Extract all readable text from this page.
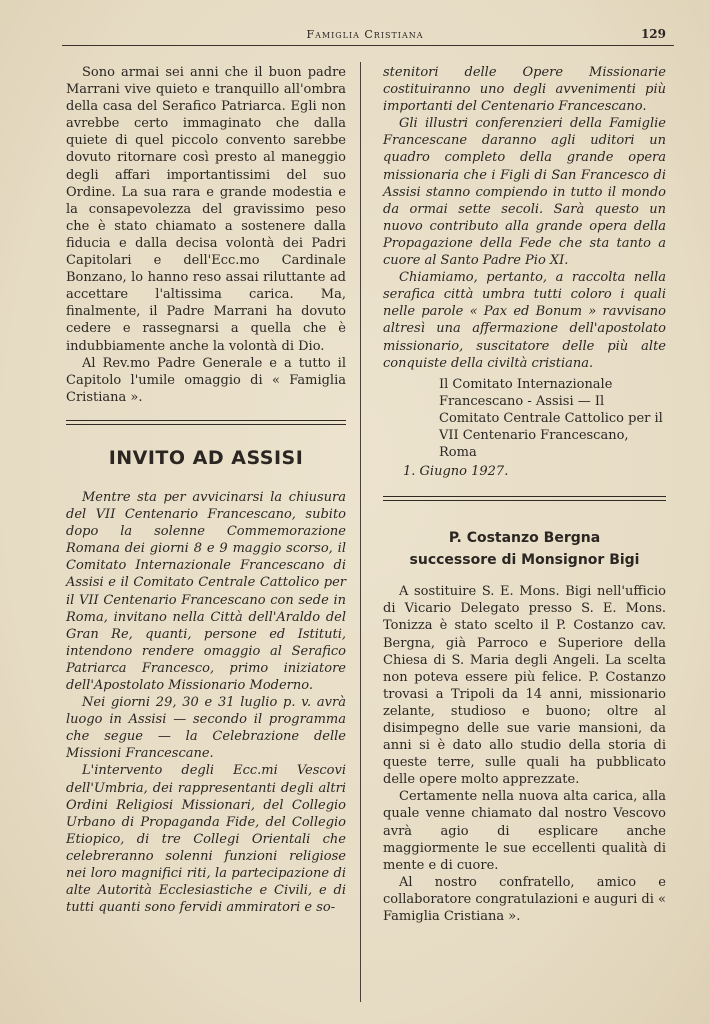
Famiglia Cristiana	129

Sono armai sei anni che il buon padre Marrani vive quieto e tranquillo all'ombra della casa del Serafico Patriarca. Egli non avrebbe certo immaginato che dalla quiete di quel piccolo convento sarebbe dovuto ritornare così presto al maneggio degli affari importantissimi del suo Ordine. La sua rara e grande modestia e la consapevolezza del gravissimo peso che è stato chiamato a sostenere dalla fiducia e dalla decisa volontà dei Padri Capitolari e dell'Ecc.mo Cardinale Bonzano, lo hanno reso assai riluttante ad accettare l'altissima carica. Ma, finalmente, il Padre Marrani ha dovuto cedere e rassegnarsi a quella che è indubbiamente anche la volontà di Dio.

Al Rev.mo Padre Generale e a tutto il Capitolo l'umile omaggio di « Famiglia Cristiana ».

INVITO AD ASSISI

Mentre sta per avvicinarsi la chiusura del VII Centenario Francescano, subito dopo la solenne Commemorazione Romana dei giorni 8 e 9 maggio scorso, il Comitato Internazionale Francescano di Assisi e il Comitato Centrale Cattolico per il VII Centenario Francescano con sede in Roma, invitano nella Città dell'Araldo del Gran Re, quanti, persone ed Istituti, intendono rendere omaggio al Serafico Patriarca Francesco, primo iniziatore dell'Apostolato Missionario Moderno.

Nei giorni 29, 30 e 31 luglio p. v. avrà luogo in Assisi — secondo il programma che segue — la Celebrazione delle Missioni Francescane.

L'intervento degli Ecc.mi Vescovi dell'Umbria, dei rappresentanti degli altri Ordini Religiosi Missionari, del Collegio Urbano di Propaganda Fide, del Collegio Etiopico, di tre Collegi Orientali che celebreranno solenni funzioni religiose nei loro magnifici riti, la partecipazione di alte Autorità Ecclesiastiche e Civili, e di tutti quanti sono fervidi ammiratori e so-

stenitori delle Opere Missionarie costituiranno uno degli avvenimenti più importanti del Centenario Francescano.

Gli illustri conferenzieri della Famiglie Francescane daranno agli uditori un quadro completo della grande opera missionaria che i Figli di San Francesco di Assisi stanno compiendo in tutto il mondo da ormai sette secoli. Sarà questo un nuovo contributo alla grande opera della Propagazione della Fede che sta tanto a cuore al Santo Padre Pio XI.

Chiamiamo, pertanto, a raccolta nella serafica città umbra tutti coloro i quali nelle parole « Pax ed Bonum » ravvisano altresì una affermazione dell'apostolato missionario, suscitatore delle più alte conquiste della civiltà cristiana.

Il Comitato Internazionale Francescano - Assisi — Il Comitato Centrale Cattolico per il VII Centenario Francescano, Roma

1. Giugno 1927.

P. Costanzo Bergna
successore di Monsignor Bigi

A sostituire S. E. Mons. Bigi nell'ufficio di Vicario Delegato presso S. E. Mons. Tonizza è stato scelto il P. Costanzo cav. Bergna, già Parroco e Superiore della Chiesa di S. Maria degli Angeli. La scelta non poteva essere più felice. P. Costanzo trovasi a Tripoli da 14 anni, missionario zelante, studioso e buono; oltre al disimpegno delle sue varie mansioni, da anni si è dato allo studio della storia di queste terre, sulle quali ha pubblicato delle opere molto apprezzate.

Certamente nella nuova alta carica, alla quale venne chiamato dal nostro Vescovo avrà agio di esplicare anche maggiormente le sue eccellenti qualità di mente e di cuore.

Al nostro confratello, amico e collaboratore congratulazioni e auguri di « Famiglia Cristiana ».
